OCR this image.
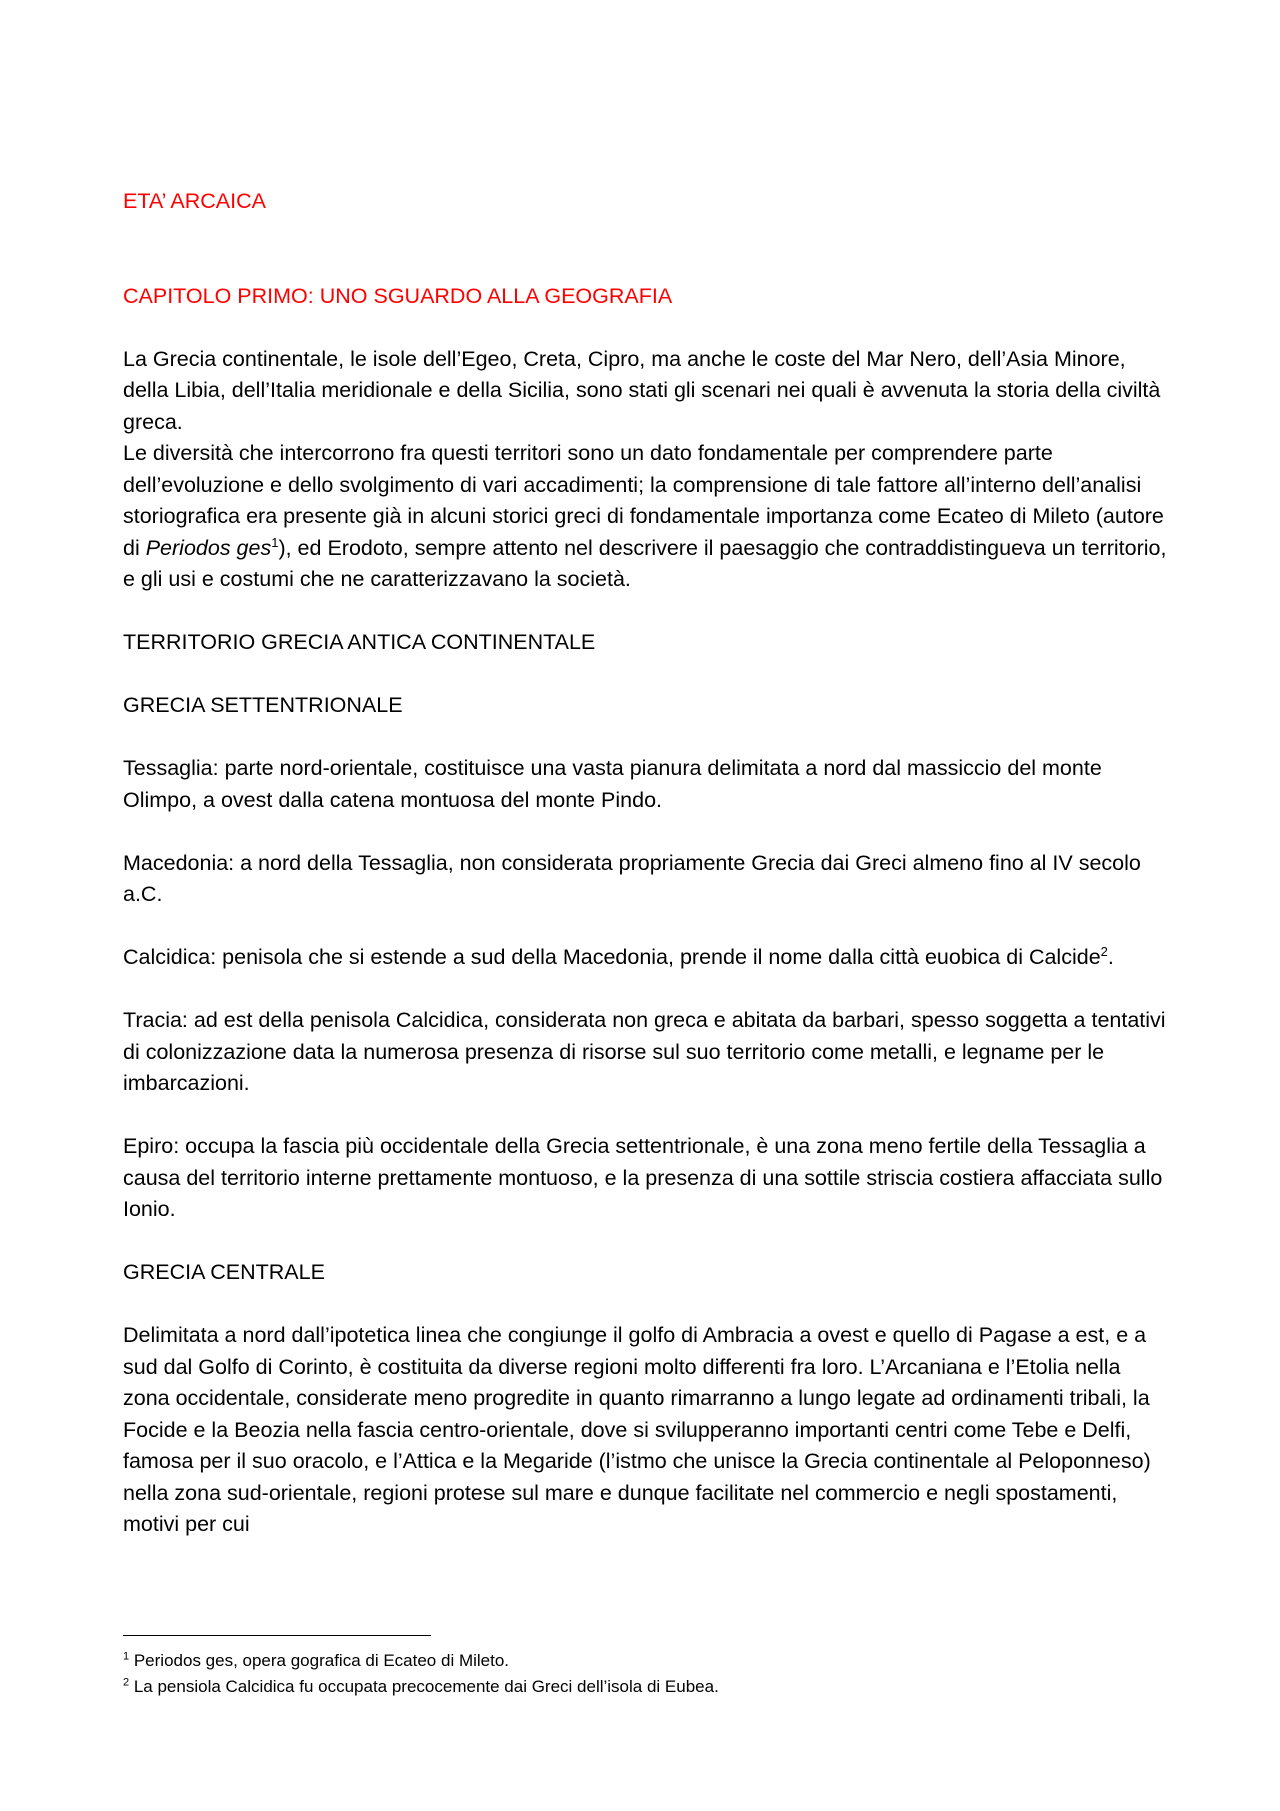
ETA’ ARCAICA
CAPITOLO PRIMO: UNO SGUARDO ALLA GEOGRAFIA

La Grecia continentale, le isole dell’Egeo, Creta, Cipro, ma anche le coste del Mar Nero, dell’Asia Minore, della Libia, dell’Italia meridionale e della Sicilia, sono stati gli scenari nei quali è avvenuta la storia della civiltà greca.
Le diversità che intercorrono fra questi territori sono un dato fondamentale per comprendere parte dell’evoluzione e dello svolgimento di vari accadimenti; la comprensione di tale fattore all’interno dell’analisi storiografica era presente già in alcuni storici greci di fondamentale importanza come Ecateo di Mileto (autore di Periodos ges$^1$), ed Erodoto, sempre attento nel descrivere il paesaggio che contraddistingueva un territorio, e gli usi e costumi che ne caratterizzavano la società.

TERRITORIO GRECIA ANTICA CONTINENTALE
GRECIA SETTENTRIONALE

Tessaglia: parte nord-orientale, costituisce una vasta pianura delimitata a nord dal massiccio del monte Olimpo, a ovest dalla catena montuosa del monte Pindo.

Macedonia: a nord della Tessaglia, non considerata propriamente Grecia dai Greci almeno fino al IV secolo a.C.

Calcidica: penisola che si estende a sud della Macedonia, prende il nome dalla città euobica di Calcide$^2$.

Tracia: ad est della penisola Calcidica, considerata non greca e abitata da barbari, spesso soggetta a tentativi di colonizzazione data la numerosa presenza di risorse sul suo territorio come metalli, e legname per le imbarcazioni.

Epiro: occupa la fascia più occidentale della Grecia settentrionale, è una zona meno fertile della Tessaglia a causa del territorio interne prettamente montuoso, e la presenza di una sottile striscia costiera affacciata sullo Ionio.

GRECIA CENTRALE

Delimitata a nord dall’ipotetica linea che congiunge il golfo di Ambracia a ovest e quello di Pagase a est, e a sud dal Golfo di Corinto, è costituita da diverse regioni molto differenti fra loro. L’Arcaniana e l’Etolia nella zona occidentale, considerate meno progredite in quanto rimarranno a lungo legate ad ordinamenti tribali, la Focide e la Beozia nella fascia centro-orientale, dove si svilupperanno importanti centri come Tebe e Delfi, famosa per il suo oracolo, e l’Attica e la Megaride (l’istmo che unisce la Grecia continentale al Peloponneso) nella zona sud-orientale, regioni protese sul mare e dunque facilitate nel commercio e negli spostamenti, motivi per cui

$^1$ Periodos ges, opera gografica di Ecateo di Mileto.
$^2$ La pensiola Calcidica fu occupata precocemente dai Greci dell’isola di Eubea.
